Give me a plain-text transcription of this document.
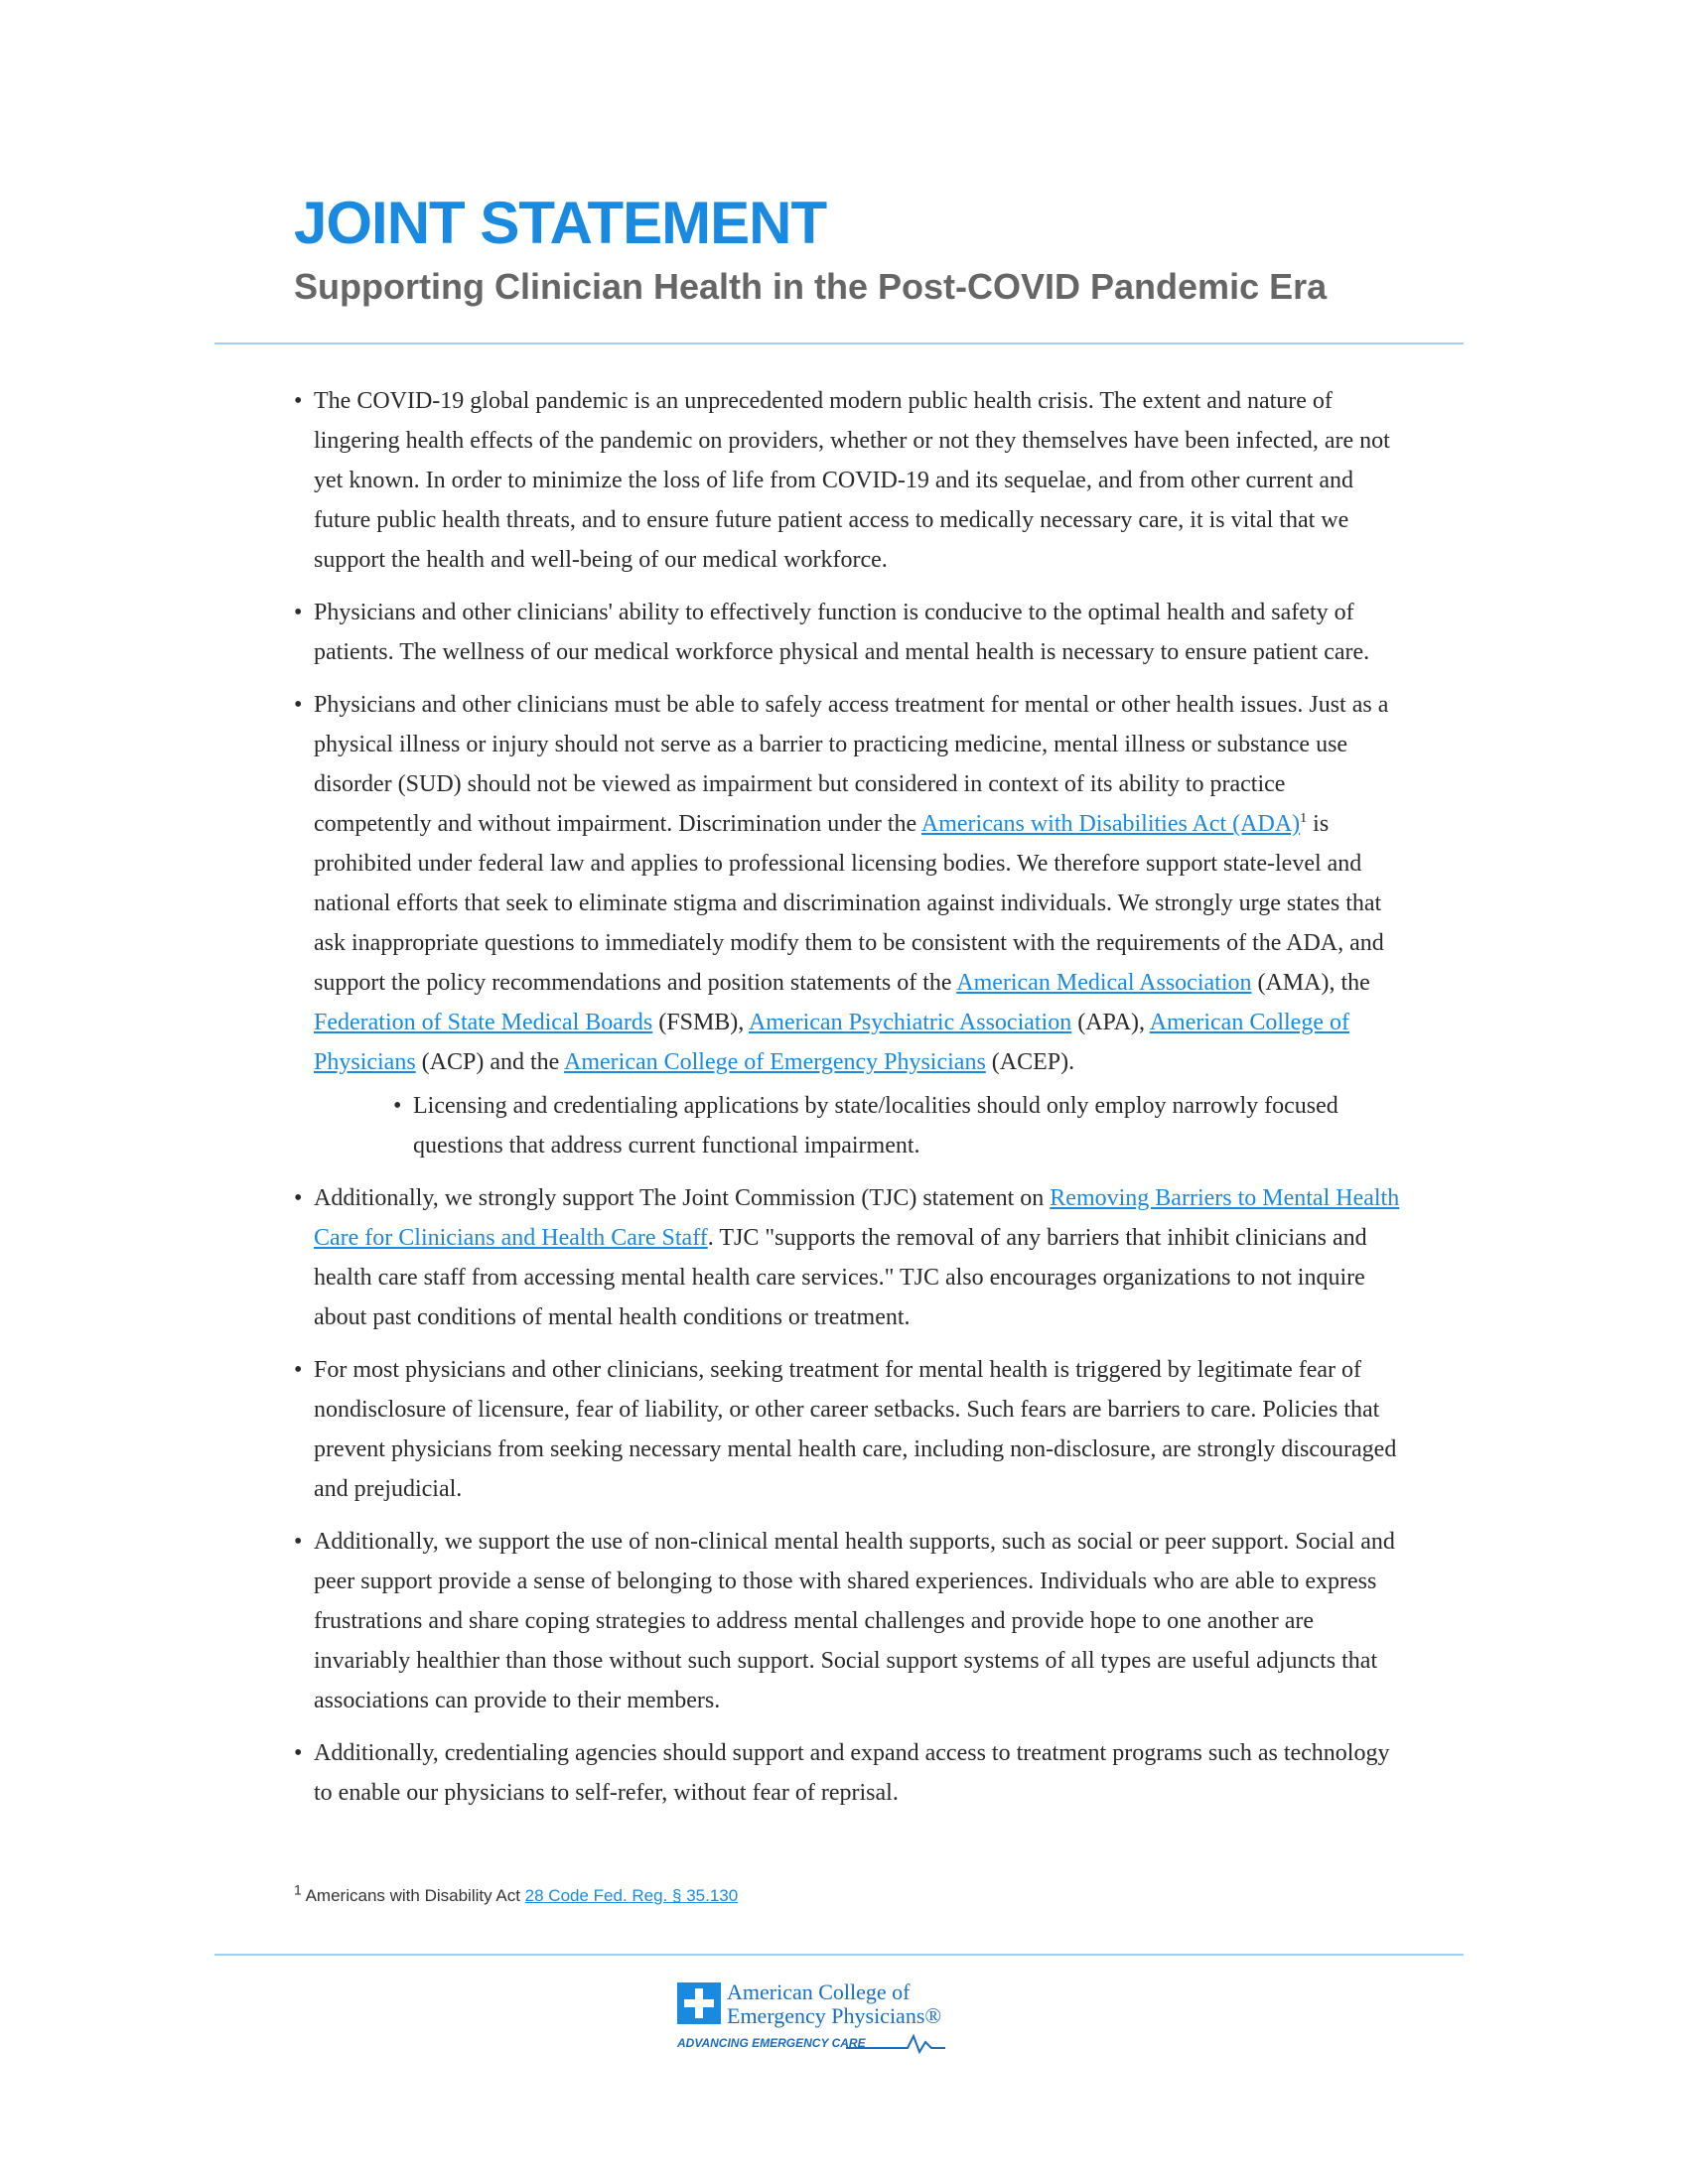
JOINT STATEMENT
Supporting Clinician Health in the Post-COVID Pandemic Era
• The COVID-19 global pandemic is an unprecedented modern public health crisis. The extent and nature of lingering health effects of the pandemic on providers, whether or not they themselves have been infected, are not yet known. In order to minimize the loss of life from COVID-19 and its sequelae, and from other current and future public health threats, and to ensure future patient access to medically necessary care, it is vital that we support the health and well-being of our medical workforce.
• Physicians and other clinicians' ability to effectively function is conducive to the optimal health and safety of patients. The wellness of our medical workforce physical and mental health is necessary to ensure patient care.
• Physicians and other clinicians must be able to safely access treatment for mental or other health issues. Just as a physical illness or injury should not serve as a barrier to practicing medicine, mental illness or substance use disorder (SUD) should not be viewed as impairment but considered in context of its ability to practice competently and without impairment. Discrimination under the Americans with Disabilities Act (ADA)$^1$ is prohibited under federal law and applies to professional licensing bodies. We therefore support state-level and national efforts that seek to eliminate stigma and discrimination against individuals. We strongly urge states that ask inappropriate questions to immediately modify them to be consistent with the requirements of the ADA, and support the policy recommendations and position statements of the American Medical Association (AMA), the Federation of State Medical Boards (FSMB), American Psychiatric Association (APA), American College of Physicians (ACP) and the American College of Emergency Physicians (ACEP).
• Licensing and credentialing applications by state/localities should only employ narrowly focused questions that address current functional impairment.
• Additionally, we strongly support The Joint Commission (TJC) statement on Removing Barriers to Mental Health Care for Clinicians and Health Care Staff. TJC "supports the removal of any barriers that inhibit clinicians and health care staff from accessing mental health care services." TJC also encourages organizations to not inquire about past conditions of mental health conditions or treatment.
• For most physicians and other clinicians, seeking treatment for mental health is triggered by legitimate fear of nondisclosure of licensure, fear of liability, or other career setbacks. Such fears are barriers to care. Policies that prevent physicians from seeking necessary mental health care, including non-disclosure, are strongly discouraged and prejudicial.
• Additionally, we support the use of non-clinical mental health supports, such as social or peer support. Social and peer support provide a sense of belonging to those with shared experiences. Individuals who are able to express frustrations and share coping strategies to address mental challenges and provide hope to one another are invariably healthier than those without such support. Social support systems of all types are useful adjuncts that associations can provide to their members.
• Additionally, credentialing agencies should support and expand access to treatment programs such as technology to enable our physicians to self-refer, without fear of reprisal.
$^1$ Americans with Disability Act 28 Code Fed. Reg. § 35.130
American College of
Emergency Physicians®
ADVANCING EMERGENCY CARE
